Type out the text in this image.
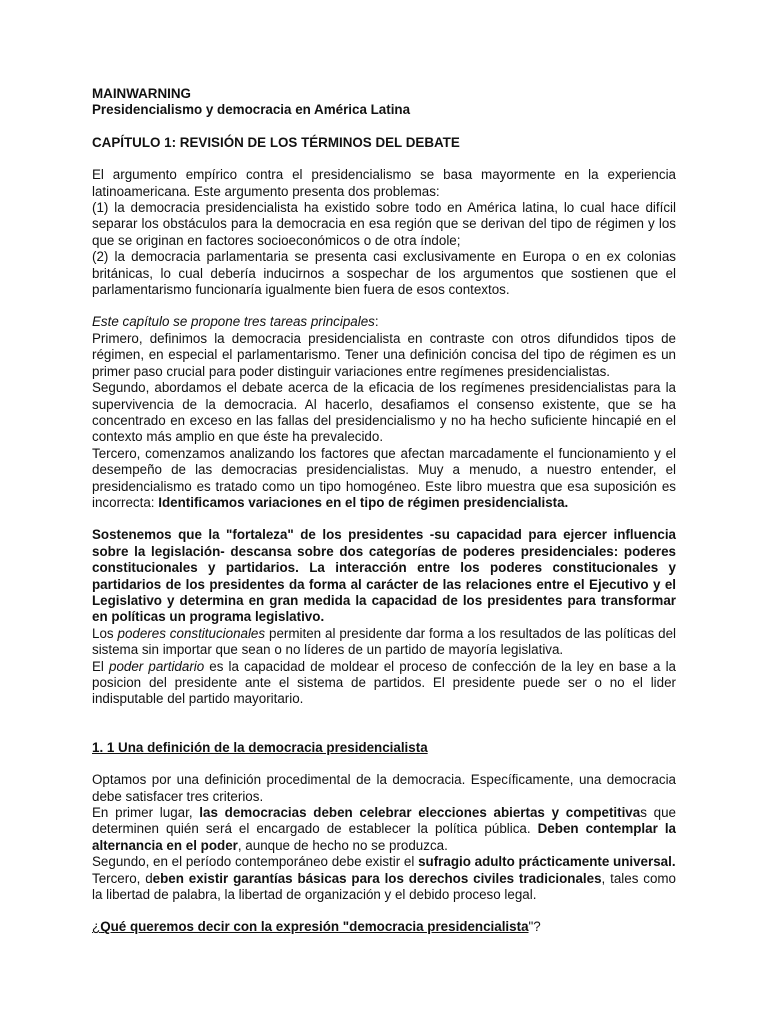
MAINWARNING

Presidencialismo y democracia en América Latina

CAPÍTULO 1: REVISIÓN DE LOS TÉRMINOS DEL DEBATE

El argumento empírico contra el presidencialismo se basa mayormente en la experiencia latinoamericana. Este argumento presenta dos problemas:

(1) la democracia presidencialista ha existido sobre todo en América latina, lo cual hace difícil separar los obstáculos para la democracia en esa región que se derivan del tipo de régimen y los que se originan en factores socioeconómicos o de otra índole;

(2) la democracia parlamentaria se presenta casi exclusivamente en Europa o en ex colonias británicas, lo cual debería inducirnos a sospechar de los argumentos que sostienen que el parlamentarismo funcionaría igualmente bien fuera de esos contextos.

Este capítulo se propone tres tareas principales:

Primero, definimos la democracia presidencialista en contraste con otros difundidos tipos de régimen, en especial el parlamentarismo. Tener una definición concisa del tipo de régimen es un primer paso crucial para poder distinguir variaciones entre regímenes presidencialistas.

Segundo, abordamos el debate acerca de la eficacia de los regímenes presidencialistas para la supervivencia de la democracia. Al hacerlo, desafiamos el consenso existente, que se ha concentrado en exceso en las fallas del presidencialismo y no ha hecho suficiente hincapié en el contexto más amplio en que éste ha prevalecido.

Tercero, comenzamos analizando los factores que afectan marcadamente el funcionamiento y el desempeño de las democracias presidencialistas. Muy a menudo, a nuestro entender, el presidencialismo es tratado como un tipo homogéneo. Este libro muestra que esa suposición es incorrecta: Identificamos variaciones en el tipo de régimen presidencialista.

Sostenemos que la "fortaleza" de los presidentes -su capacidad para ejercer influencia sobre la legislación- descansa sobre dos categorías de poderes presidenciales: poderes constitucionales y partidarios. La interacción entre los poderes constitucionales y partidarios de los presidentes da forma al carácter de las relaciones entre el Ejecutivo y el Legislativo y determina en gran medida la capacidad de los presidentes para transformar en políticas un programa legislativo.

Los poderes constitucionales permiten al presidente dar forma a los resultados de las políticas del sistema sin importar que sean o no líderes de un partido de mayoría legislativa.

El poder partidario es la capacidad de moldear el proceso de confección de la ley en base a la posicion del presidente ante el sistema de partidos. El presidente puede ser o no el lider indisputable del partido mayoritario.

1. 1 Una definición de la democracia presidencialista

Optamos por una definición procedimental de la democracia. Específicamente, una democracia debe satisfacer tres criterios.

En primer lugar, las democracias deben celebrar elecciones abiertas y competitivas que determinen quién será el encargado de establecer la política pública. Deben contemplar la alternancia en el poder, aunque de hecho no se produzca.

Segundo, en el período contemporáneo debe existir el sufragio adulto prácticamente universal.

Tercero, deben existir garantías básicas para los derechos civiles tradicionales, tales como la libertad de palabra, la libertad de organización y el debido proceso legal.

¿Qué queremos decir con la expresión "democracia presidencialista"?
